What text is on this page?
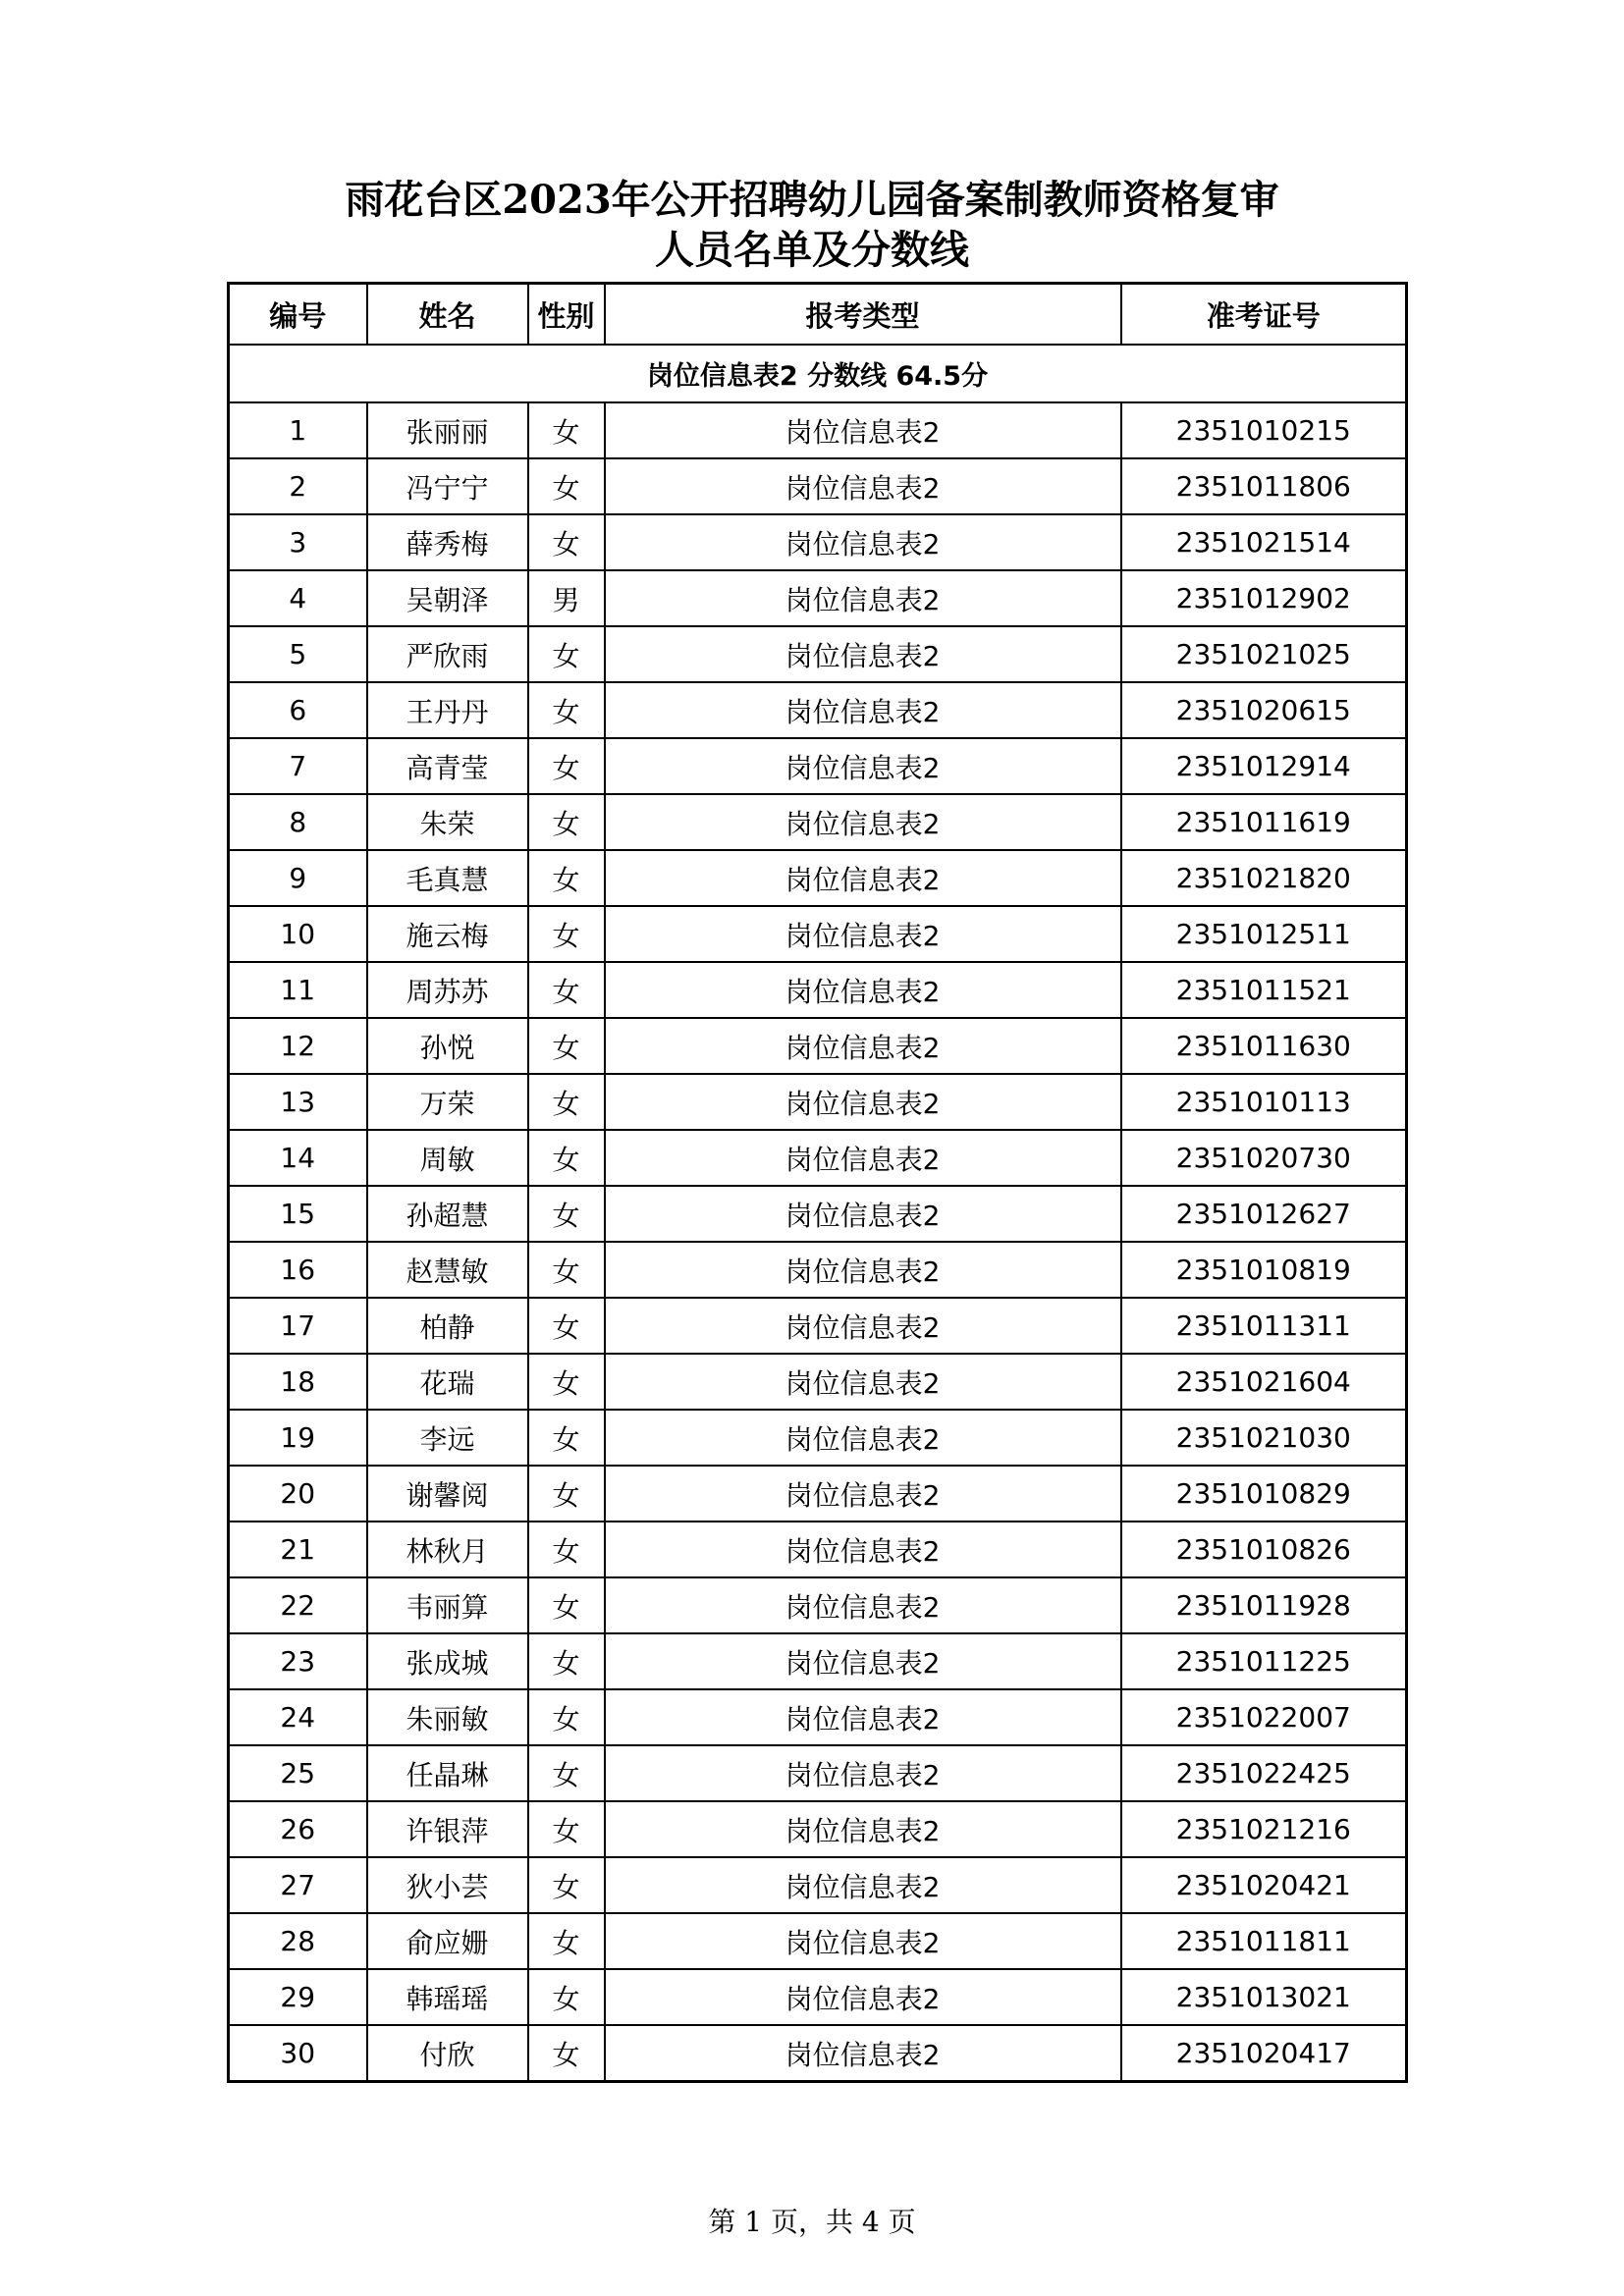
雨花台区2023年公开招聘幼儿园备案制教师资格复审
人员名单及分数线
编号	姓名	性别	报考类型	准考证号
岗位信息表2 分数线 64.5分				
1	张丽丽	女	岗位信息表2	2351010215
2	冯宁宁	女	岗位信息表2	2351011806
3	薛秀梅	女	岗位信息表2	2351021514
4	吴朝泽	男	岗位信息表2	2351012902
5	严欣雨	女	岗位信息表2	2351021025
6	王丹丹	女	岗位信息表2	2351020615
7	高青莹	女	岗位信息表2	2351012914
8	朱荣	女	岗位信息表2	2351011619
9	毛真慧	女	岗位信息表2	2351021820
10	施云梅	女	岗位信息表2	2351012511
11	周苏苏	女	岗位信息表2	2351011521
12	孙悦	女	岗位信息表2	2351011630
13	万荣	女	岗位信息表2	2351010113
14	周敏	女	岗位信息表2	2351020730
15	孙超慧	女	岗位信息表2	2351012627
16	赵慧敏	女	岗位信息表2	2351010819
17	柏静	女	岗位信息表2	2351011311
18	花瑞	女	岗位信息表2	2351021604
19	李远	女	岗位信息表2	2351021030
20	谢馨阅	女	岗位信息表2	2351010829
21	林秋月	女	岗位信息表2	2351010826
22	韦丽算	女	岗位信息表2	2351011928
23	张成城	女	岗位信息表2	2351011225
24	朱丽敏	女	岗位信息表2	2351022007
25	任晶琳	女	岗位信息表2	2351022425
26	许银萍	女	岗位信息表2	2351021216
27	狄小芸	女	岗位信息表2	2351020421
28	俞应姗	女	岗位信息表2	2351011811
29	韩瑶瑶	女	岗位信息表2	2351013021
30	付欣	女	岗位信息表2	2351020417
第 1 页，共 4 页
